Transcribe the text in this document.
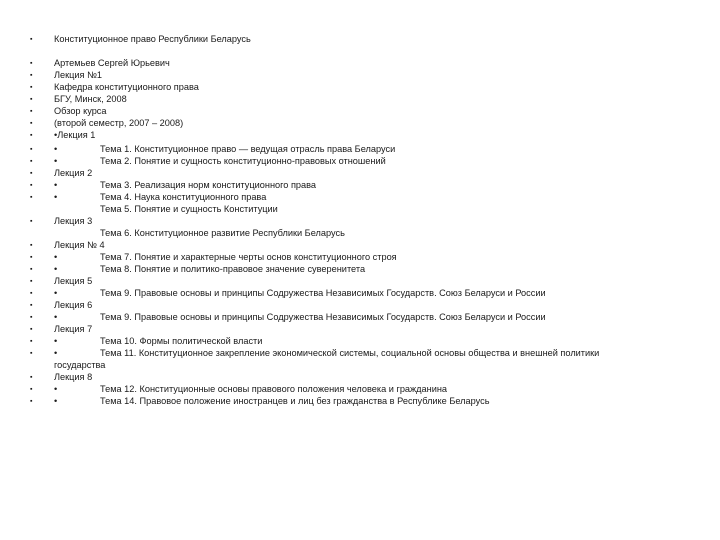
▪ Конституционное право Республики Беларусь
▪ Артемьев Сергей Юрьевич
▪ Лекция №1
▪ Кафедра конституционного права
▪ БГУ, Минск, 2008
▪ Обзор курса
▪ (второй семестр, 2007 – 2008)
▪ •Лекция 1
▪ •	Тема 1. Конституционное право — ведущая отрасль права Беларуси
▪ •	Тема 2. Понятие и сущность конституционно-правовых отношений
▪ Лекция 2
▪ •	Тема 3. Реализация норм конституционного права
▪ •	Тема 4. Наука конституционного права
Тема 5. Понятие и сущность Конституции
▪ Лекция 3
Тема 6. Конституционное развитие Республики Беларусь
▪ Лекция № 4
▪ •	Тема 7. Понятие и характерные черты основ конституционного строя
▪ •	Тема 8. Понятие и политико-правовое значение суверенитета
▪ Лекция 5
▪ •	Тема 9. Правовые основы и принципы Содружества Независимых Государств. Союз Беларуси и России
▪ Лекция 6
▪ •	Тема 9. Правовые основы и принципы Содружества Независимых Государств. Союз Беларуси и России
▪ Лекция 7
▪ •	Тема 10. Формы политической власти
▪ •	Тема 11. Конституционное закрепление экономической системы, социальной основы общества и внешней политики
государства
▪ Лекция 8
▪ •	Тема 12. Конституционные основы правового положения человека и гражданина
▪ •	Тема 14. Правовое положение иностранцев и лиц без гражданства в Республике Беларусь
